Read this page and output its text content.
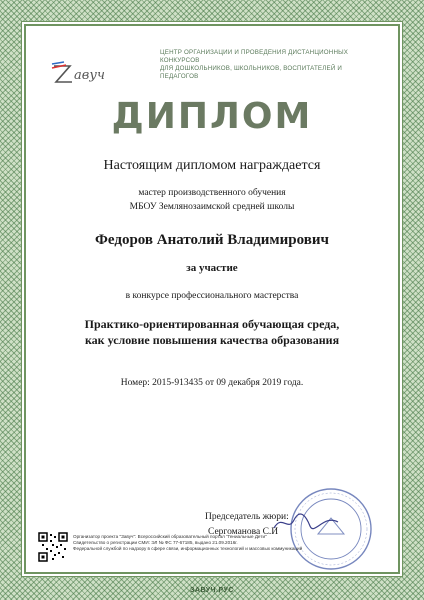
авуч
ЦЕНТР ОРГАНИЗАЦИИ И ПРОВЕДЕНИЯ ДИСТАНЦИОННЫХ КОНКУРСОВ
ДЛЯ ДОШКОЛЬНИКОВ, ШКОЛЬНИКОВ, ВОСПИТАТЕЛЕЙ И ПЕДАГОГОВ
ДИПЛОМ
Настоящим дипломом награждается
мастер производственного обучения
МБОУ Землянозаимской средней школы
Федоров Анатолий Владимирович
за участие
в конкурсе профессионального мастерства
Практико-ориентированная обучающая среда,
как условие повышения качества образования
Номер: 2015-913435 от 09 декабря 2019 года.
Председатель жюри:
Сергоманова С.И
Организатор проекта "Завуч": Всероссийский образовательный портал "Гениальные Дети"
Свидетельство о регистрации СМИ: ЭЛ № ФС 77-67185, выдано 21.09.2016г.
Федеральной службой по надзору в сфере связи, информационных технологий и массовых коммуникаций
ЗАВУЧ.РУС
